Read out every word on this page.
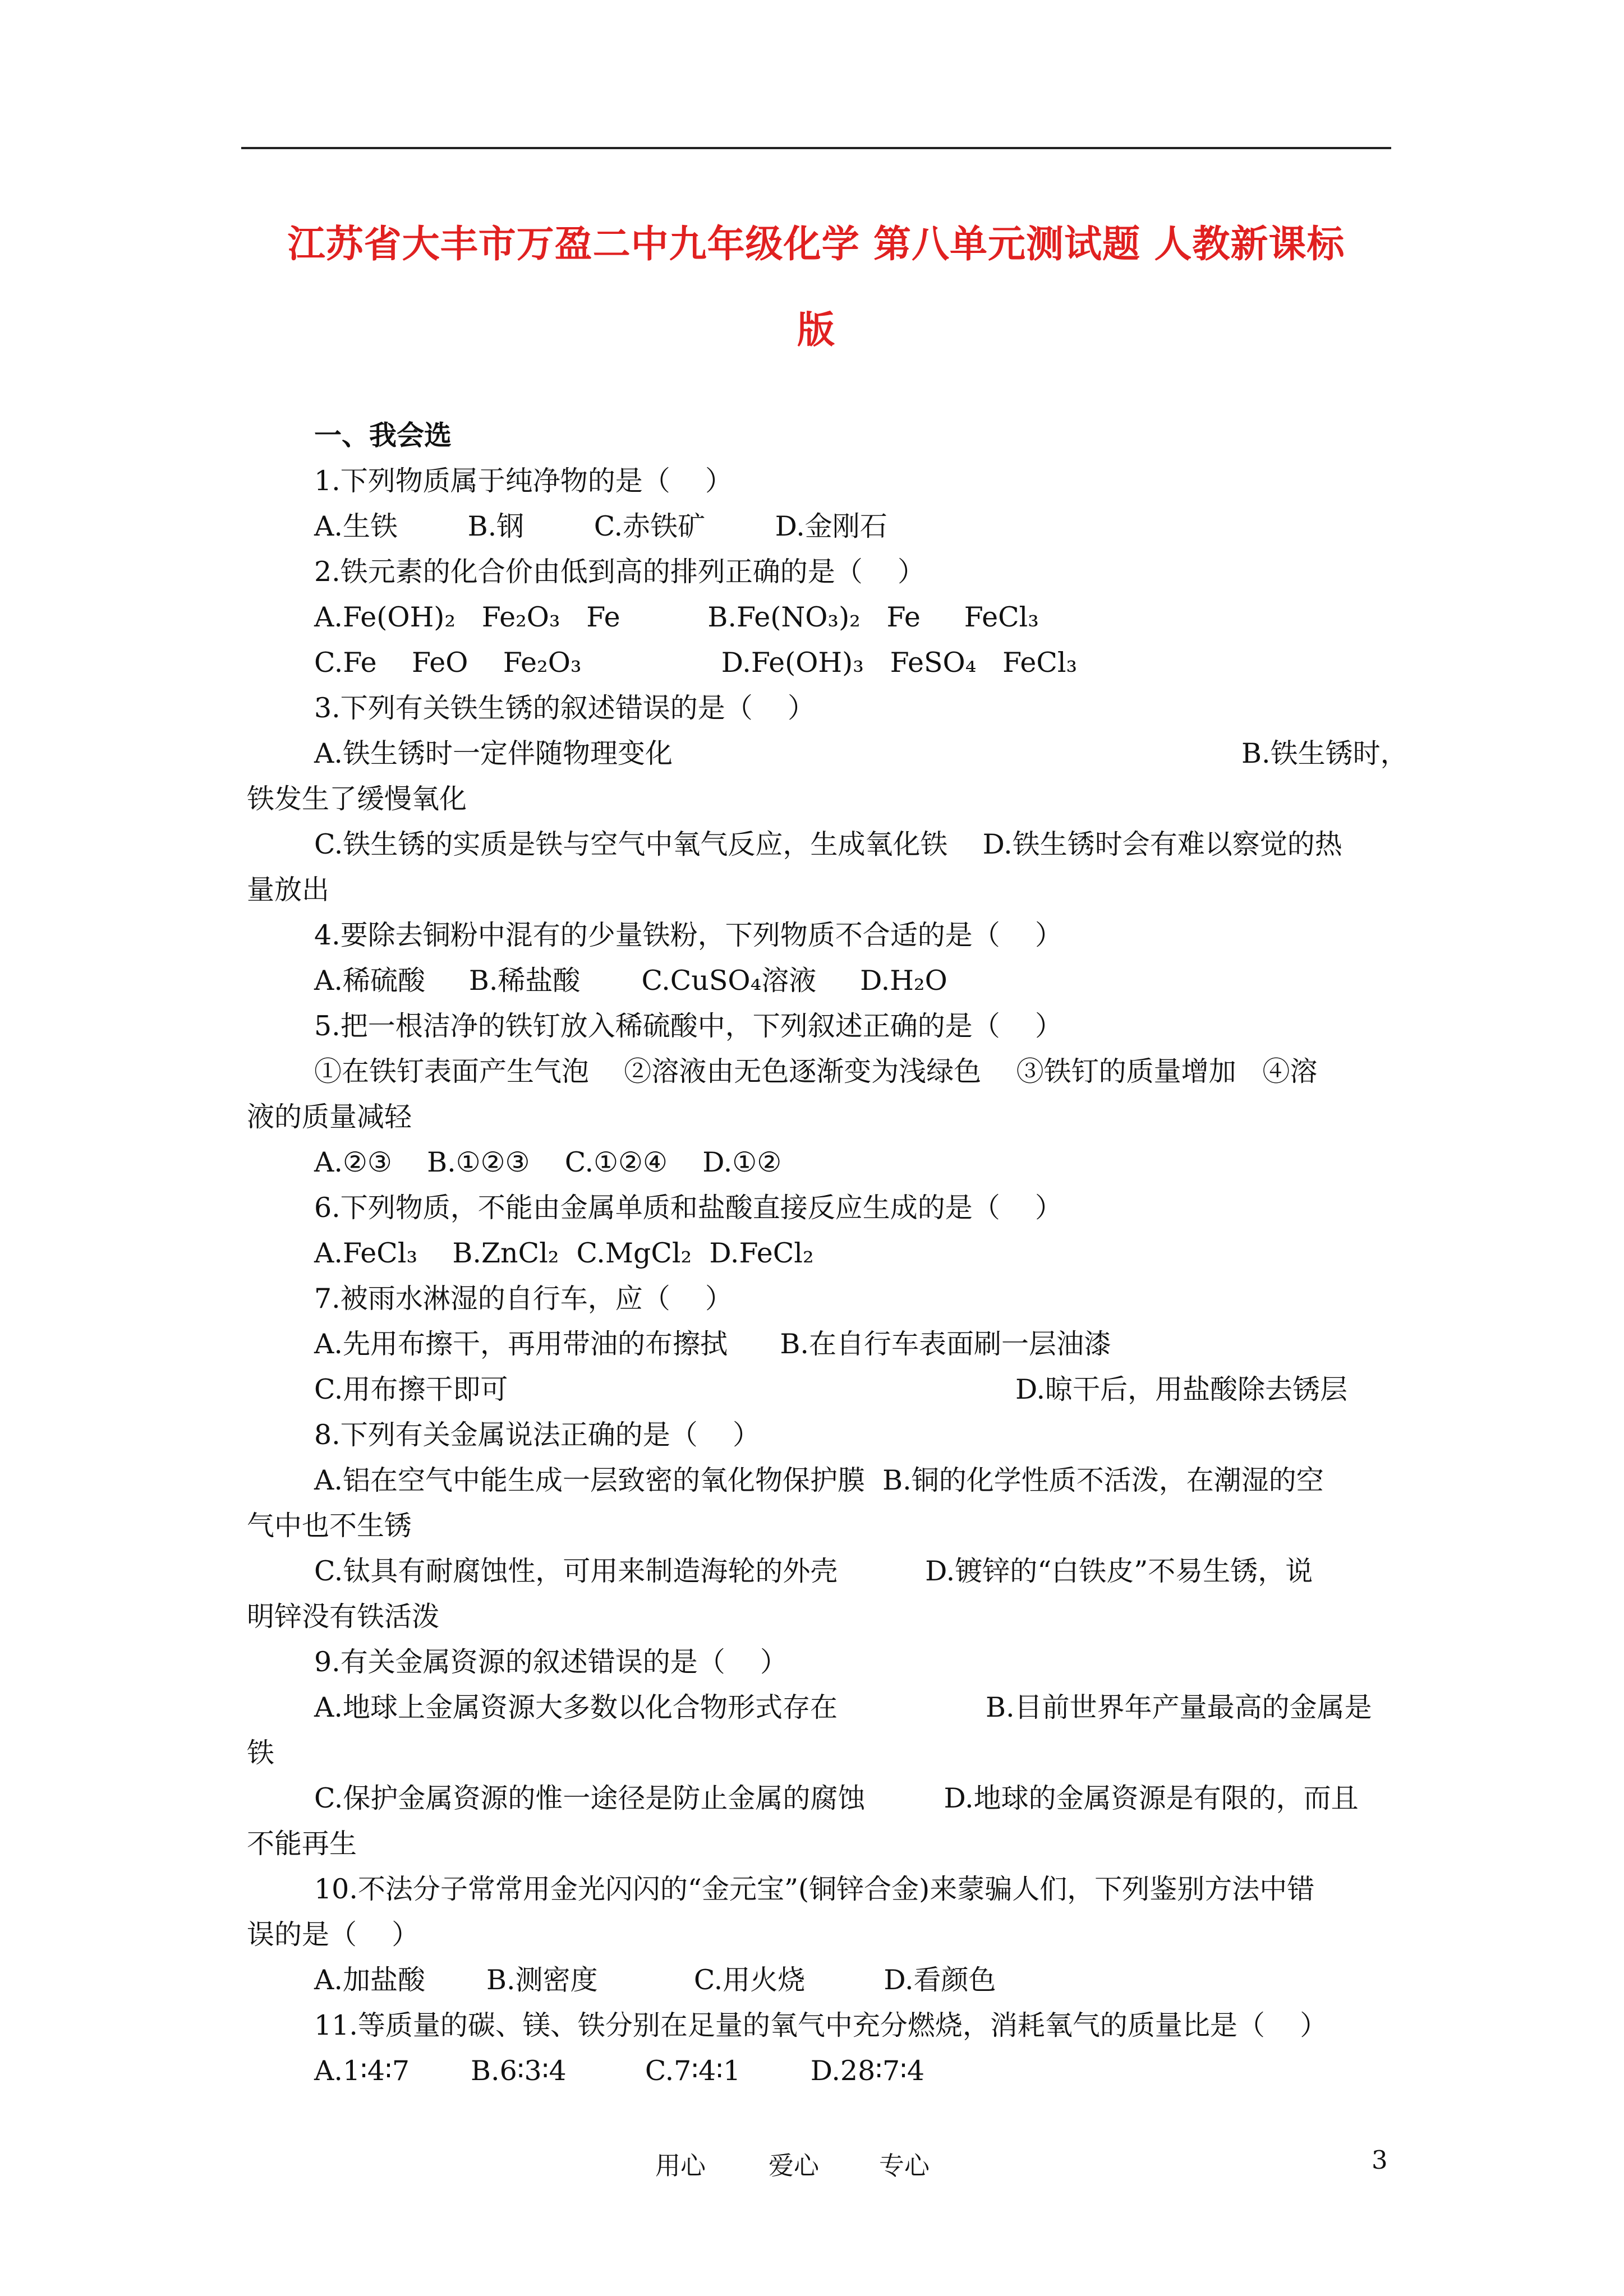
江苏省大丰市万盈二中九年级化学 第八单元测试题 人教新课标
版
一、我会选
1.下列物质属于纯净物的是（    ）
A.生铁        B.钢        C.赤铁矿        D.金刚石
2.铁元素的化合价由低到高的排列正确的是（    ）
A.Fe(OH)₂   Fe₂O₃   Fe          B.Fe(NO₃)₂   Fe     FeCl₃
C.Fe    FeO    Fe₂O₃                D.Fe(OH)₃   FeSO₄   FeCl₃
3.下列有关铁生锈的叙述错误的是（    ）
A.铁生锈时一定伴随物理变化	B.铁生锈时，
铁发生了缓慢氧化
C.铁生锈的实质是铁与空气中氧气反应，生成氧化铁    D.铁生锈时会有难以察觉的热
量放出
4.要除去铜粉中混有的少量铁粉，下列物质不合适的是（    ）
A.稀硫酸     B.稀盐酸       C.CuSO₄溶液     D.H₂O
5.把一根洁净的铁钉放入稀硫酸中，下列叙述正确的是（    ）
①在铁钉表面产生气泡    ②溶液由无色逐渐变为浅绿色    ③铁钉的质量增加   ④溶
液的质量减轻
A.②③    B.①②③    C.①②④    D.①②
6.下列物质，不能由金属单质和盐酸直接反应生成的是（    ）
A.FeCl₃    B.ZnCl₂  C.MgCl₂  D.FeCl₂
7.被雨水淋湿的自行车，应（    ）
A.先用布擦干，再用带油的布擦拭      B.在自行车表面刷一层油漆
C.用布擦干即可	D.晾干后，用盐酸除去锈层
8.下列有关金属说法正确的是（    ）
A.铝在空气中能生成一层致密的氧化物保护膜  B.铜的化学性质不活泼，在潮湿的空
气中也不生锈
C.钛具有耐腐蚀性，可用来制造海轮的外壳          D.镀锌的“白铁皮”不易生锈，说
明锌没有铁活泼
9.有关金属资源的叙述错误的是（    ）
A.地球上金属资源大多数以化合物形式存在	B.目前世界年产量最高的金属是
铁
C.保护金属资源的惟一途径是防止金属的腐蚀         D.地球的金属资源是有限的，而且
不能再生
10.不法分子常常用金光闪闪的“金元宝”(铜锌合金)来蒙骗人们，下列鉴别方法中错
误的是（    ）
A.加盐酸       B.测密度           C.用火烧         D.看颜色
11.等质量的碳、镁、铁分别在足量的氧气中充分燃烧，消耗氧气的质量比是（    ）
A.1∶4∶7       B.6∶3∶4         C.7∶4∶1        D.28∶7∶4
用心 爱心 专心	3
